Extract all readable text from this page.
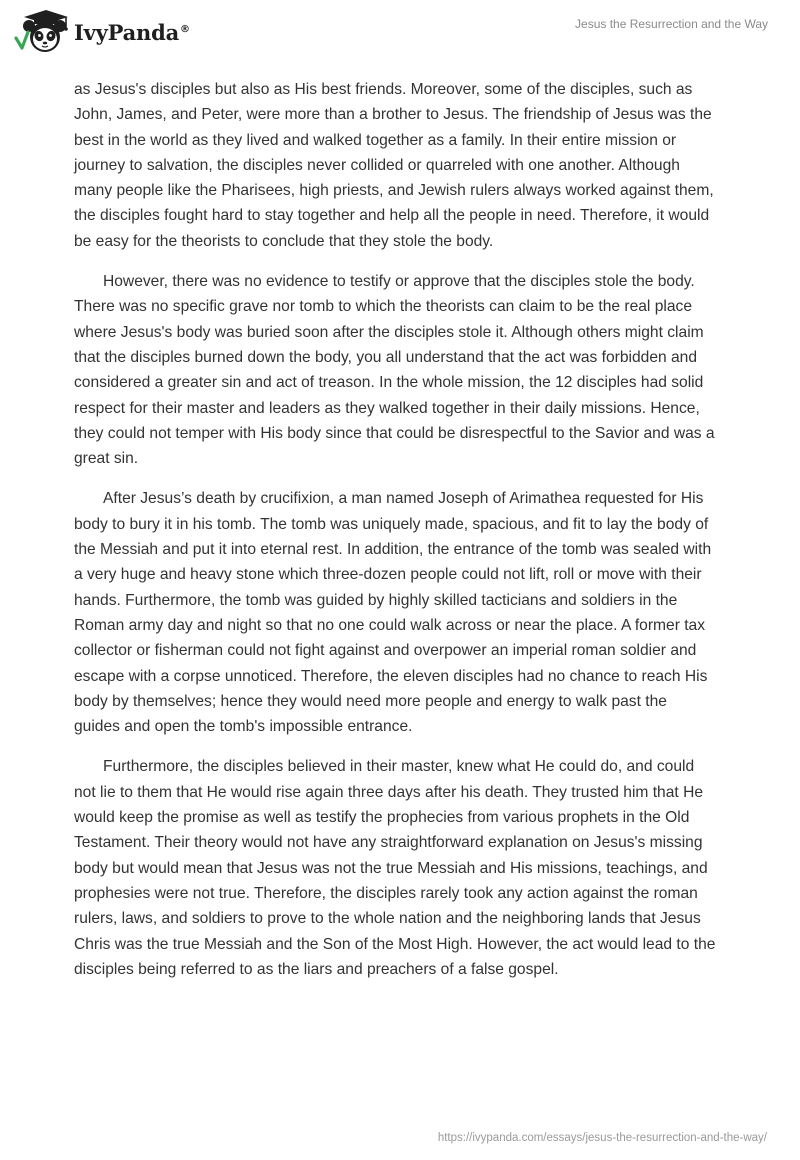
IvyPanda®	Jesus the Resurrection and the Way

as Jesus's disciples but also as His best friends. Moreover, some of the disciples, such as John, James, and Peter, were more than a brother to Jesus. The friendship of Jesus was the best in the world as they lived and walked together as a family. In their entire mission or journey to salvation, the disciples never collided or quarreled with one another. Although many people like the Pharisees, high priests, and Jewish rulers always worked against them, the disciples fought hard to stay together and help all the people in need. Therefore, it would be easy for the theorists to conclude that they stole the body.

However, there was no evidence to testify or approve that the disciples stole the body. There was no specific grave nor tomb to which the theorists can claim to be the real place where Jesus's body was buried soon after the disciples stole it. Although others might claim that the disciples burned down the body, you all understand that the act was forbidden and considered a greater sin and act of treason. In the whole mission, the 12 disciples had solid respect for their master and leaders as they walked together in their daily missions. Hence, they could not temper with His body since that could be disrespectful to the Savior and was a great sin.

After Jesus’s death by crucifixion, a man named Joseph of Arimathea requested for His body to bury it in his tomb. The tomb was uniquely made, spacious, and fit to lay the body of the Messiah and put it into eternal rest. In addition, the entrance of the tomb was sealed with a very huge and heavy stone which three-dozen people could not lift, roll or move with their hands. Furthermore, the tomb was guided by highly skilled tacticians and soldiers in the Roman army day and night so that no one could walk across or near the place. A former tax collector or fisherman could not fight against and overpower an imperial roman soldier and escape with a corpse unnoticed. Therefore, the eleven disciples had no chance to reach His body by themselves; hence they would need more people and energy to walk past the guides and open the tomb's impossible entrance.

Furthermore, the disciples believed in their master, knew what He could do, and could not lie to them that He would rise again three days after his death. They trusted him that He would keep the promise as well as testify the prophecies from various prophets in the Old Testament. Their theory would not have any straightforward explanation on Jesus's missing body but would mean that Jesus was not the true Messiah and His missions, teachings, and prophesies were not true. Therefore, the disciples rarely took any action against the roman rulers, laws, and soldiers to prove to the whole nation and the neighboring lands that Jesus Chris was the true Messiah and the Son of the Most High. However, the act would lead to the disciples being referred to as the liars and preachers of a false gospel.

https://ivypanda.com/essays/jesus-the-resurrection-and-the-way/
